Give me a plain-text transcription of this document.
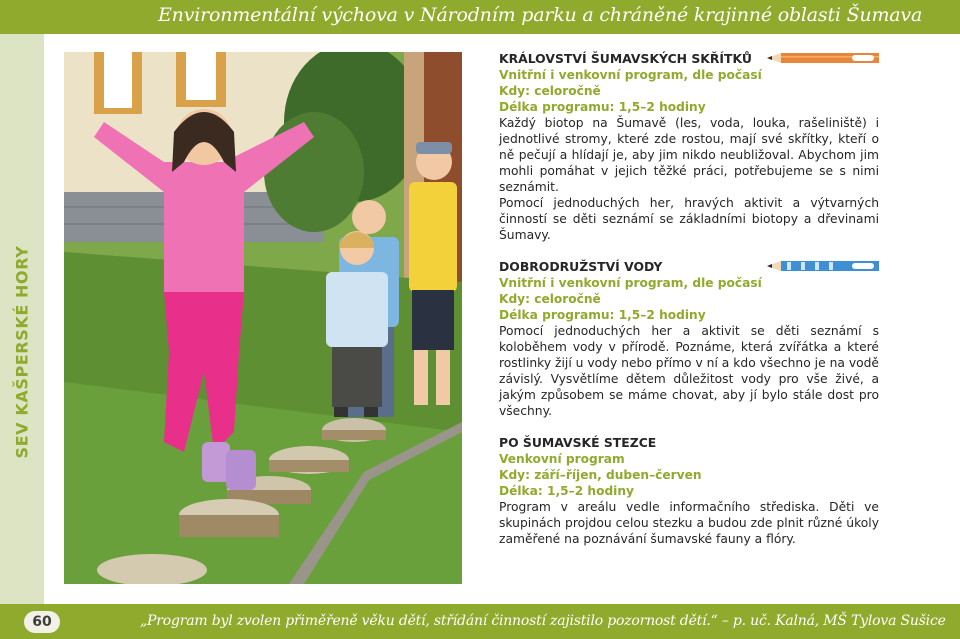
Environmentální výchova v Národním parku a chráněné krajinné oblasti Šumava
SEV KAŠPERSKÉ HORY
KRÁLOVSTVÍ ŠUMAVSKÝCH SKŘÍTKŮ
Vnitřní i venkovní program, dle počasí
Kdy: celoročně
Délka programu: 1,5–2 hodiny
Každý biotop na Šumavě (les, voda, louka, rašeliniště) i jednotlivé stromy, které zde rostou, mají své skřítky, kteří o ně pečují a hlídají je, aby jim nikdo neubližoval. Abychom jim mohli pomáhat v jejich těžké práci, potřebujeme se s nimi seznámit.
Pomocí jednoduchých her, hravých aktivit a výtvarných činností se děti seznámí se základními biotopy a dřevinami Šumavy.
DOBRODRUŽSTVÍ VODY
Vnitřní i venkovní program, dle počasí
Kdy: celoročně
Délka programu: 1,5–2 hodiny
Pomocí jednoduchých her a aktivit se děti seznámí s koloběhem vody v přírodě. Poznáme, která zvířátka a které rostlinky žijí u vody nebo přímo v ní a kdo všechno je na vodě závislý. Vysvětlíme dětem důležitost vody pro vše živé, a jakým způsobem se máme chovat, aby jí bylo stále dost pro všechny.
PO ŠUMAVSKÉ STEZCE
Venkovní program
Kdy: září–říjen, duben–červen
Délka: 1,5–2 hodiny
Program v areálu vedle informačního střediska. Děti ve skupinách projdou celou stezku a budou zde plnit různé úkoly zaměřené na poznávání šumavské fauny a flóry.
60	„Program byl zvolen přiměřeně věku dětí, střídání činností zajistilo pozornost dětí.“ – p. uč. Kalná, MŠ Tylova Sušice
